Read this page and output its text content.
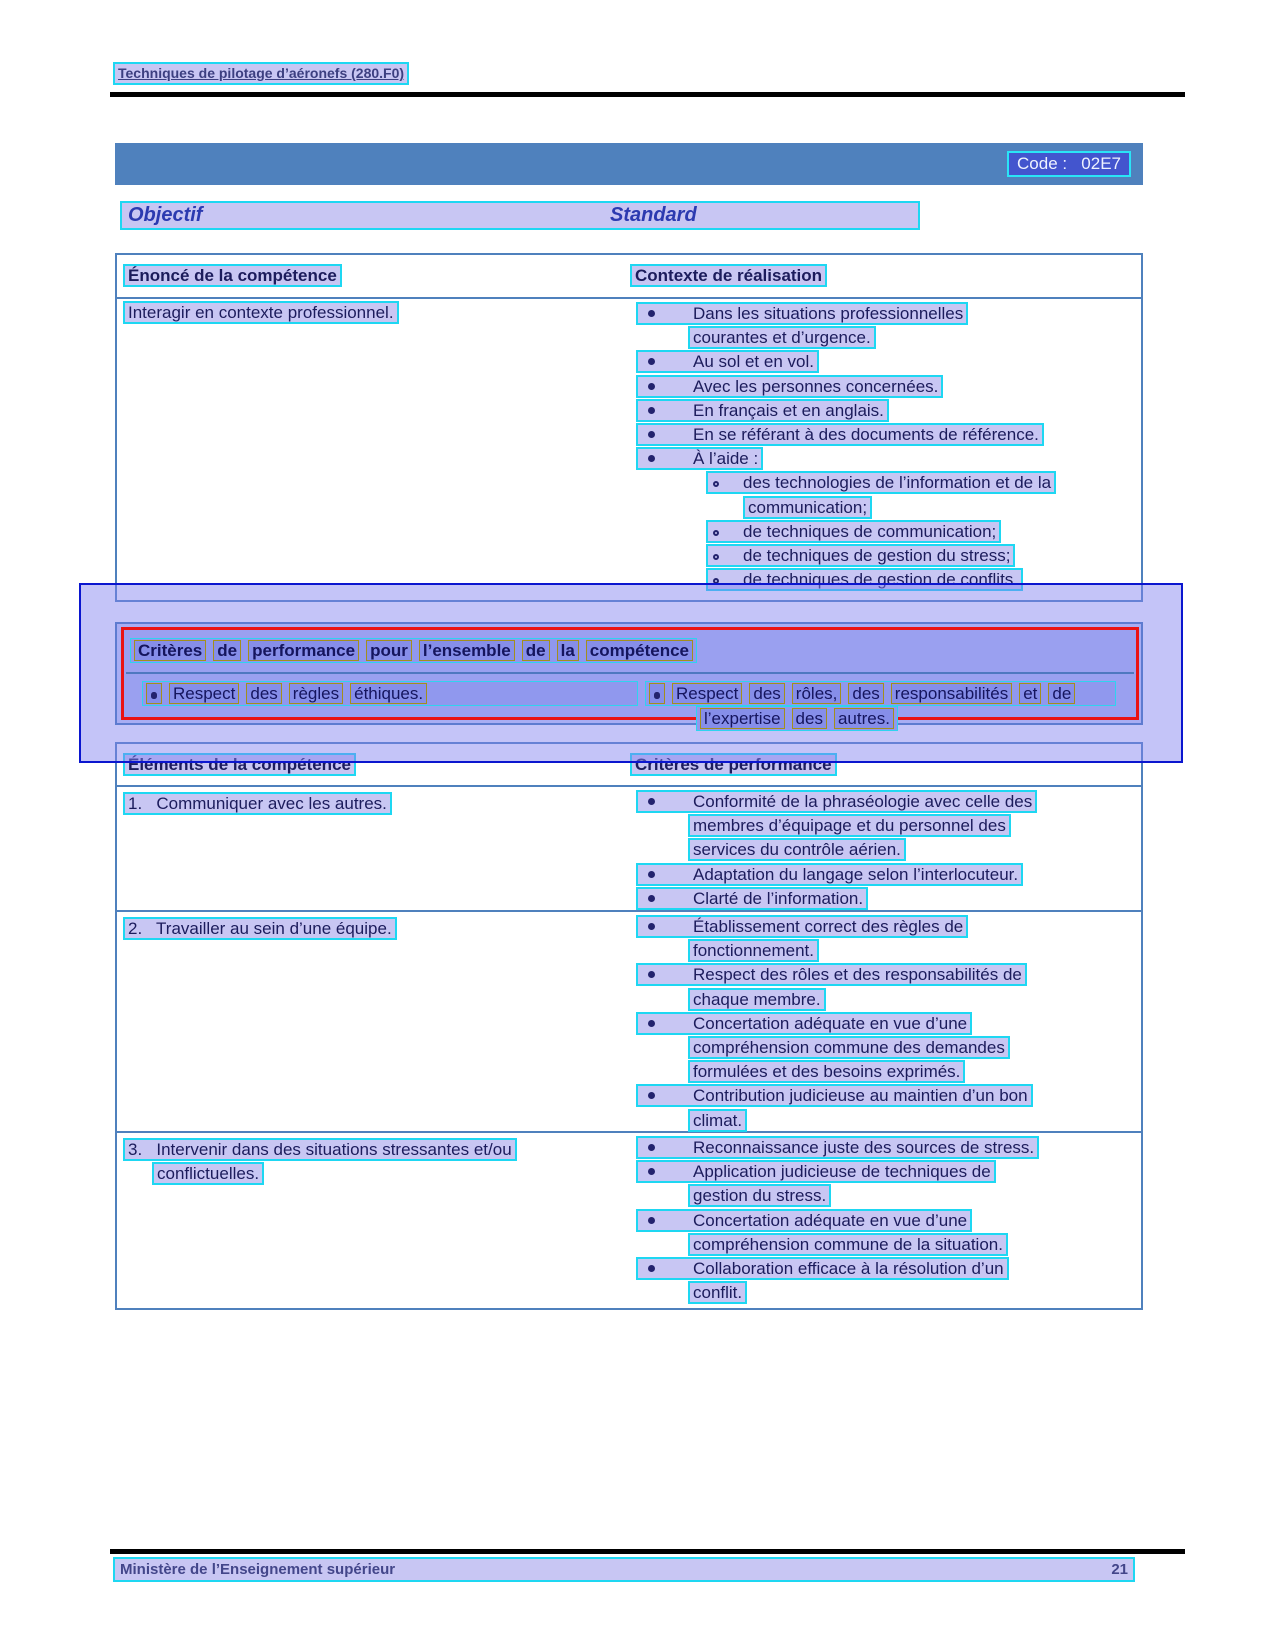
Techniques de pilotage d’aéronefs (280.F0)
Code :   02E7
Objectif	Standard
Énoncé de la compétence	Contexte de réalisation
Interagir en contexte professionnel.	Dans les situations professionnelles
courantes et d’urgence.
Au sol et en vol.
Avec les personnes concernées.
En français et en anglais.
En se référant à des documents de référence.
À l’aide :
des technologies de l’information et de la
communication;
de techniques de communication;
de techniques de gestion du stress;
de techniques de gestion de conflits.
Éléments de la compétence	Critères de performance
1.   Communiquer avec les autres.	Conformité de la phraséologie avec celle des
membres d’équipage et du personnel des
services du contrôle aérien.
Adaptation du langage selon l’interlocuteur.
Clarté de l’information.
2.   Travailler au sein d’une équipe.	Établissement correct des règles de
fonctionnement.
Respect des rôles et des responsabilités de
chaque membre.
Concertation adéquate en vue d’une
compréhension commune des demandes
formulées et des besoins exprimés.
Contribution judicieuse au maintien d’un bon
climat.
3.   Intervenir dans des situations stressantes et/ou
conflictuelles.
Reconnaissance juste des sources de stress.
Application judicieuse de techniques de
gestion du stress.
Concertation adéquate en vue d’une
compréhension commune de la situation.
Collaboration efficace à la résolution d’un
conflit.
Critères de performance pour l’ensemble de la compétence
Respect des règles éthiques.	Respect des rôles, des responsabilités et de
l’expertise des autres.
Ministère de l’Enseignement supérieur	21
